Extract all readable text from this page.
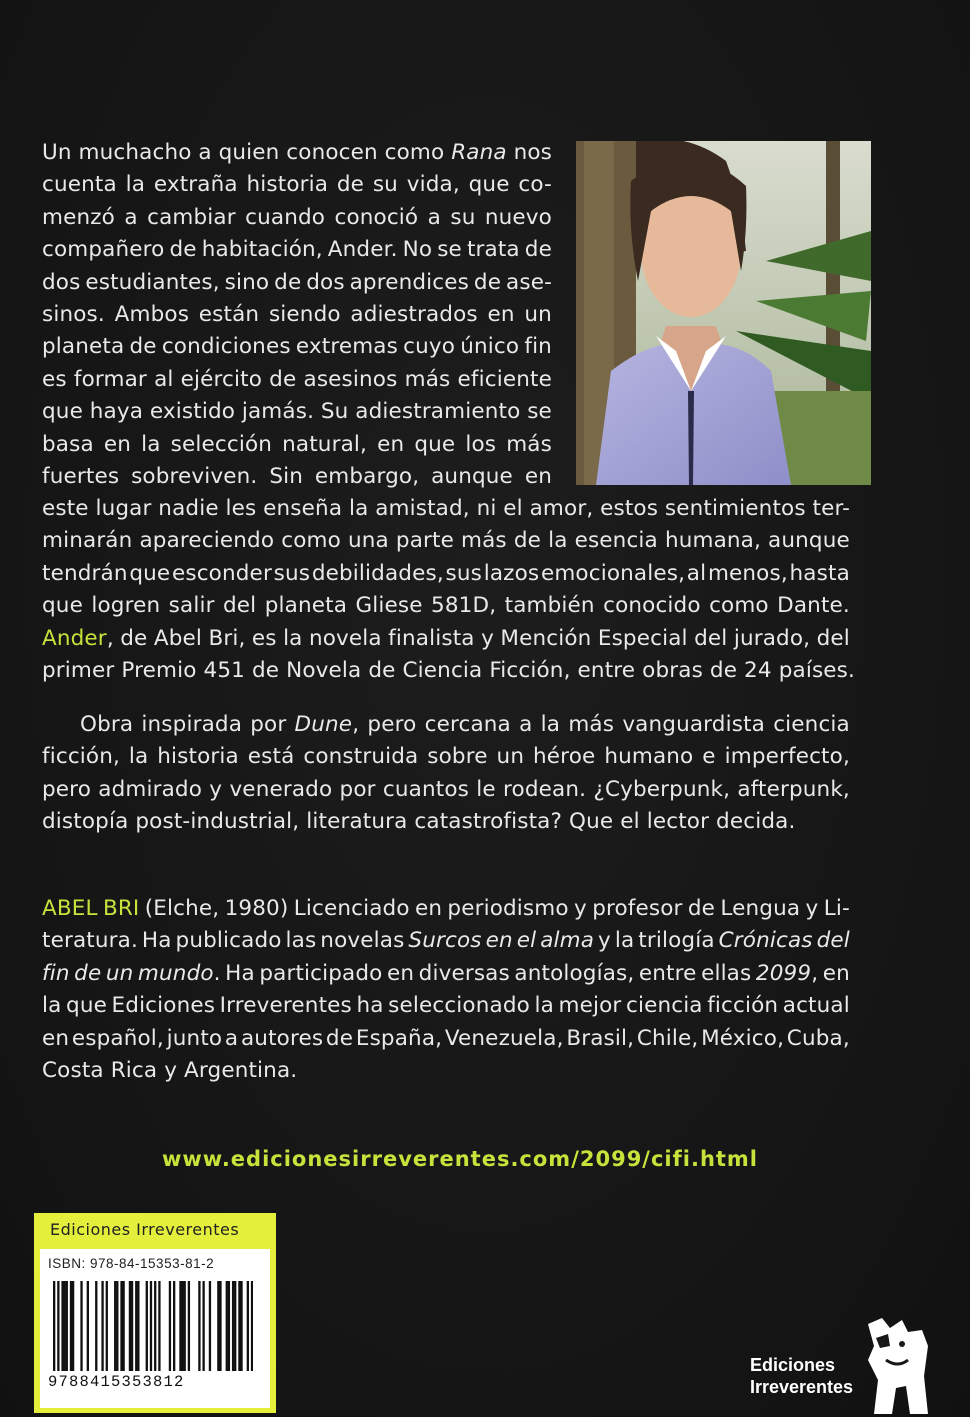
Un muchacho a quien conocen como Rana nos
cuenta la extraña historia de su vida, que co-
menzó a cambiar cuando conoció a su nuevo
compañero de habitación, Ander. No se trata de
dos estudiantes, sino de dos aprendices de ase-
sinos. Ambos están siendo adiestrados en un
planeta de condiciones extremas cuyo único fin
es formar al ejército de asesinos más eficiente
que haya existido jamás. Su adiestramiento se
basa en la selección natural, en que los más
fuertes sobreviven. Sin embargo, aunque en
este lugar nadie les enseña la amistad, ni el amor, estos sentimientos ter-
minarán apareciendo como una parte más de la esencia humana, aunque
tendrán que esconder sus debilidades, sus lazos emocionales, al menos, hasta
que logren salir del planeta Gliese 581D, también conocido como Dante.
Ander, de Abel Bri, es la novela finalista y Mención Especial del jurado, del
primer Premio 451 de Novela de Ciencia Ficción, entre obras de 24 países.
Obra inspirada por Dune, pero cercana a la más vanguardista ciencia
ficción, la historia está construida sobre un héroe humano e imperfecto,
pero admirado y venerado por cuantos le rodean. ¿Cyberpunk, afterpunk,
distopía post-industrial, literatura catastrofista? Que el lector decida.
ABEL BRI (Elche, 1980) Licenciado en periodismo y profesor de Lengua y Li-
teratura. Ha publicado las novelas Surcos en el alma y la trilogía Crónicas del
fin de un mundo. Ha participado en diversas antologías, entre ellas 2099, en
la que Ediciones Irreverentes ha seleccionado la mejor ciencia ficción actual
en español, junto a autores de España, Venezuela, Brasil, Chile, México, Cuba,
Costa Rica y Argentina.
www.edicionesirreverentes.com/2099/cifi.html
Ediciones Irreverentes
ISBN: 978-84-15353-81-2
9788415353812
Ediciones
Irreverentes
